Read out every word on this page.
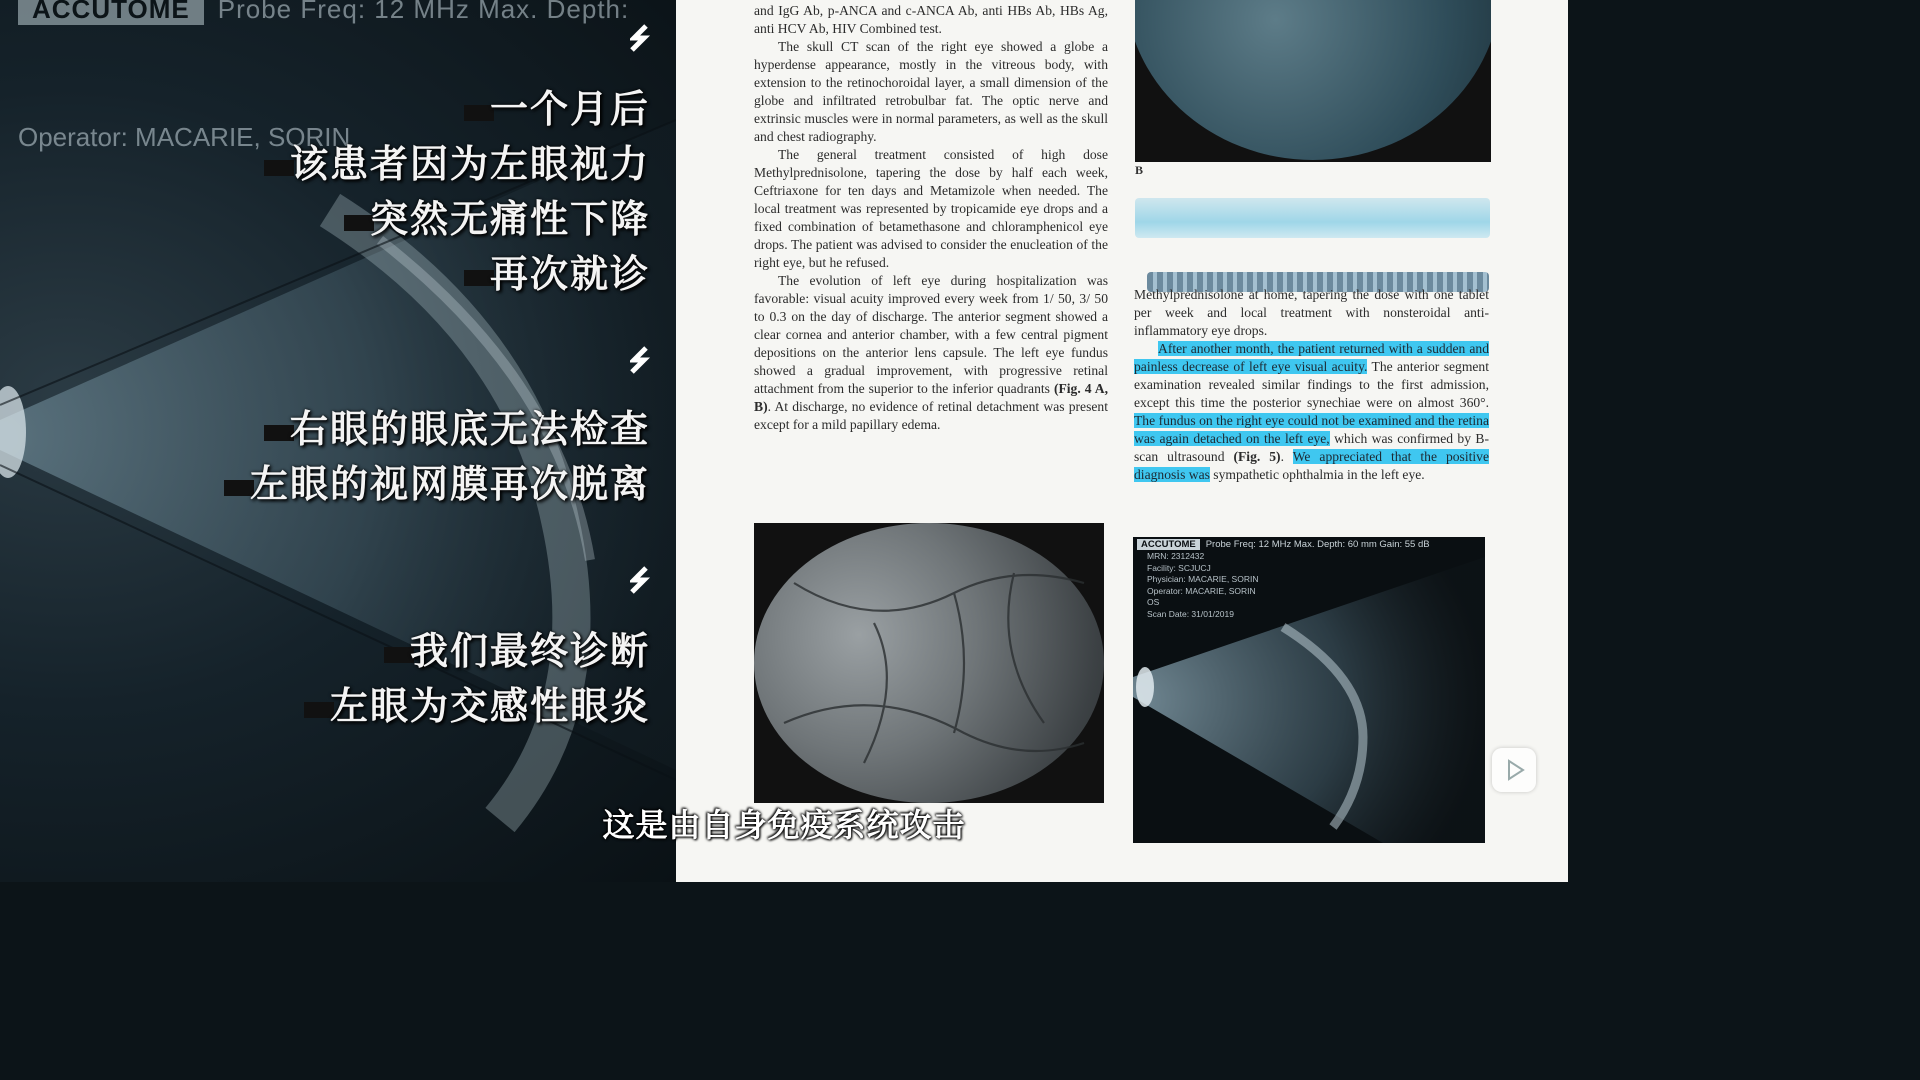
ACCUTOME Probe Freq: 12 MHz Max. Depth:
Operator: MACARIE, SORIN
一个月后
该患者因为左眼视力
突然无痛性下降
再次就诊
右眼的眼底无法检查
左眼的视网膜再次脱离
我们最终诊断
左眼为交感性眼炎

and IgG Ab, p-ANCA and c-ANCA Ab, anti HBs Ab, HBs Ag, anti HCV Ab, HIV Combined test.

The skull CT scan of the right eye showed a globe a hyperdense appearance, mostly in the vitreous body, with extension to the retinochoroidal layer, a small dimension of the globe and infiltrated retrobulbar fat. The optic nerve and extrinsic muscles were in normal parameters, as well as the skull and chest radiography.

The general treatment consisted of high dose Methylprednisolone, tapering the dose by half each week, Ceftriaxone for ten days and Metamizole when needed. The local treatment was represented by tropicamide eye drops and a fixed combination of betamethasone and chloramphenicol eye drops. The patient was advised to consider the enucleation of the right eye, but he refused.

The evolution of left eye during hospitalization was favorable: visual acuity improved every week from 1/ 50, 3/ 50 to 0.3 on the day of discharge. The anterior segment showed a clear cornea and anterior chamber, with a few central pigment depositions on the anterior lens capsule. The left eye fundus showed a gradual improvement, with progressive retinal attachment from the superior to the inferior quadrants (Fig. 4 A, B). At discharge, no evidence of retinal detachment was present except for a mild papillary edema.

B

Methylprednisolone at home, tapering the dose with one tablet per week and local treatment with nonsteroidal anti-inflammatory eye drops.

After another month, the patient returned with a sudden and painless decrease of left eye visual acuity. The anterior segment examination revealed similar findings to the first admission, except this time the posterior synechiae were on almost 360°. The fundus on the right eye could not be examined and the retina was again detached on the left eye, which was confirmed by B-scan ultrasound (Fig. 5). We appreciated that the positive diagnosis was sympathetic ophthalmia in the left eye.

ACCUTOME Probe Freq: 12 MHz Max. Depth: 60 mm Gain: 55 dB
MRN: 2312432
Facility: SCJUCJ
Physician: MACARIE, SORIN
Operator: MACARIE, SORIN
OS
Scan Date: 31/01/2019
这是由自身免疫系统攻击
